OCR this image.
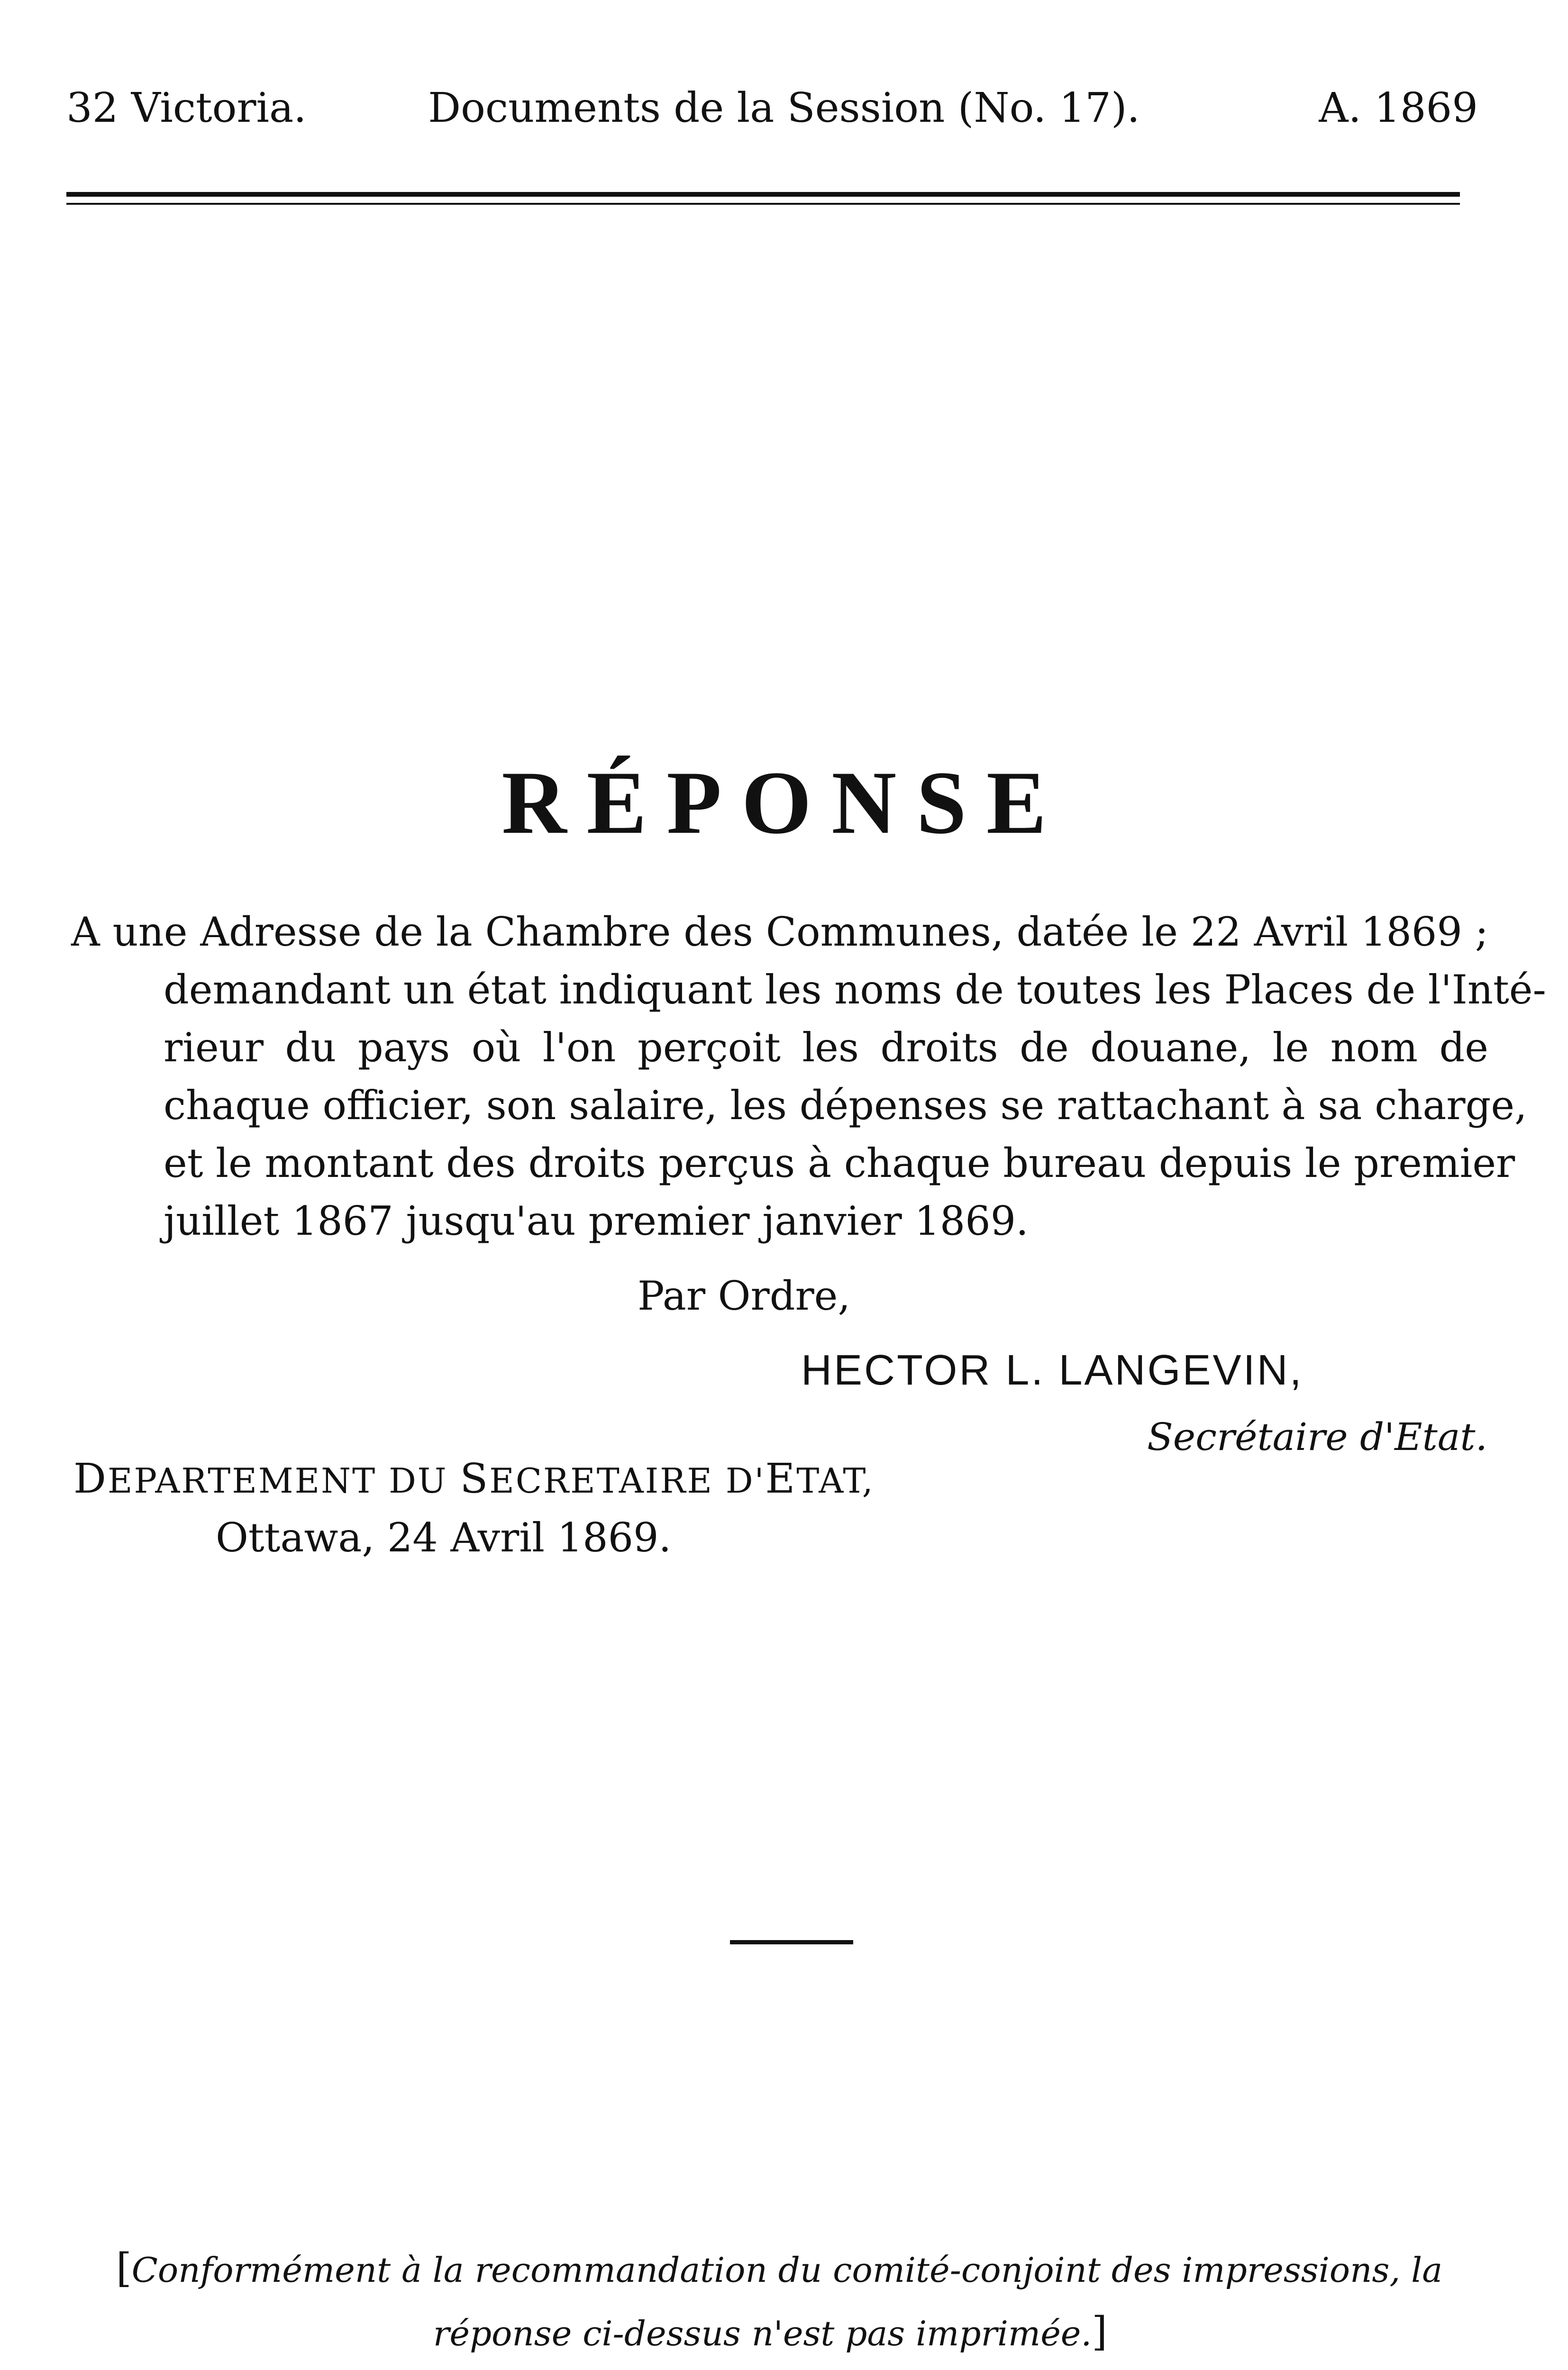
32 Victoria.	Documents de la Session (No. 17).	A. 1869
RÉPONSE
A une Adresse de la Chambre des Communes, datée le 22 Avril 1869 ;
demandant un état indiquant les noms de toutes les Places de l'Inté-
rieur du pays où l'on perçoit les droits de douane, le nom de
chaque officier, son salaire, les dépenses se rattachant à sa charge,
et le montant des droits perçus à chaque bureau depuis le premier
juillet 1867 jusqu'au premier janvier 1869.
Par Ordre,
HECTOR L. LANGEVIN,
Secrétaire d'Etat.
DEPARTEMENT DU SECRETAIRE D'ETAT,
Ottawa, 24 Avril 1869.
[Conformément à la recommandation du comité-conjoint des impressions, la
réponse ci-dessus n'est pas imprimée.]
